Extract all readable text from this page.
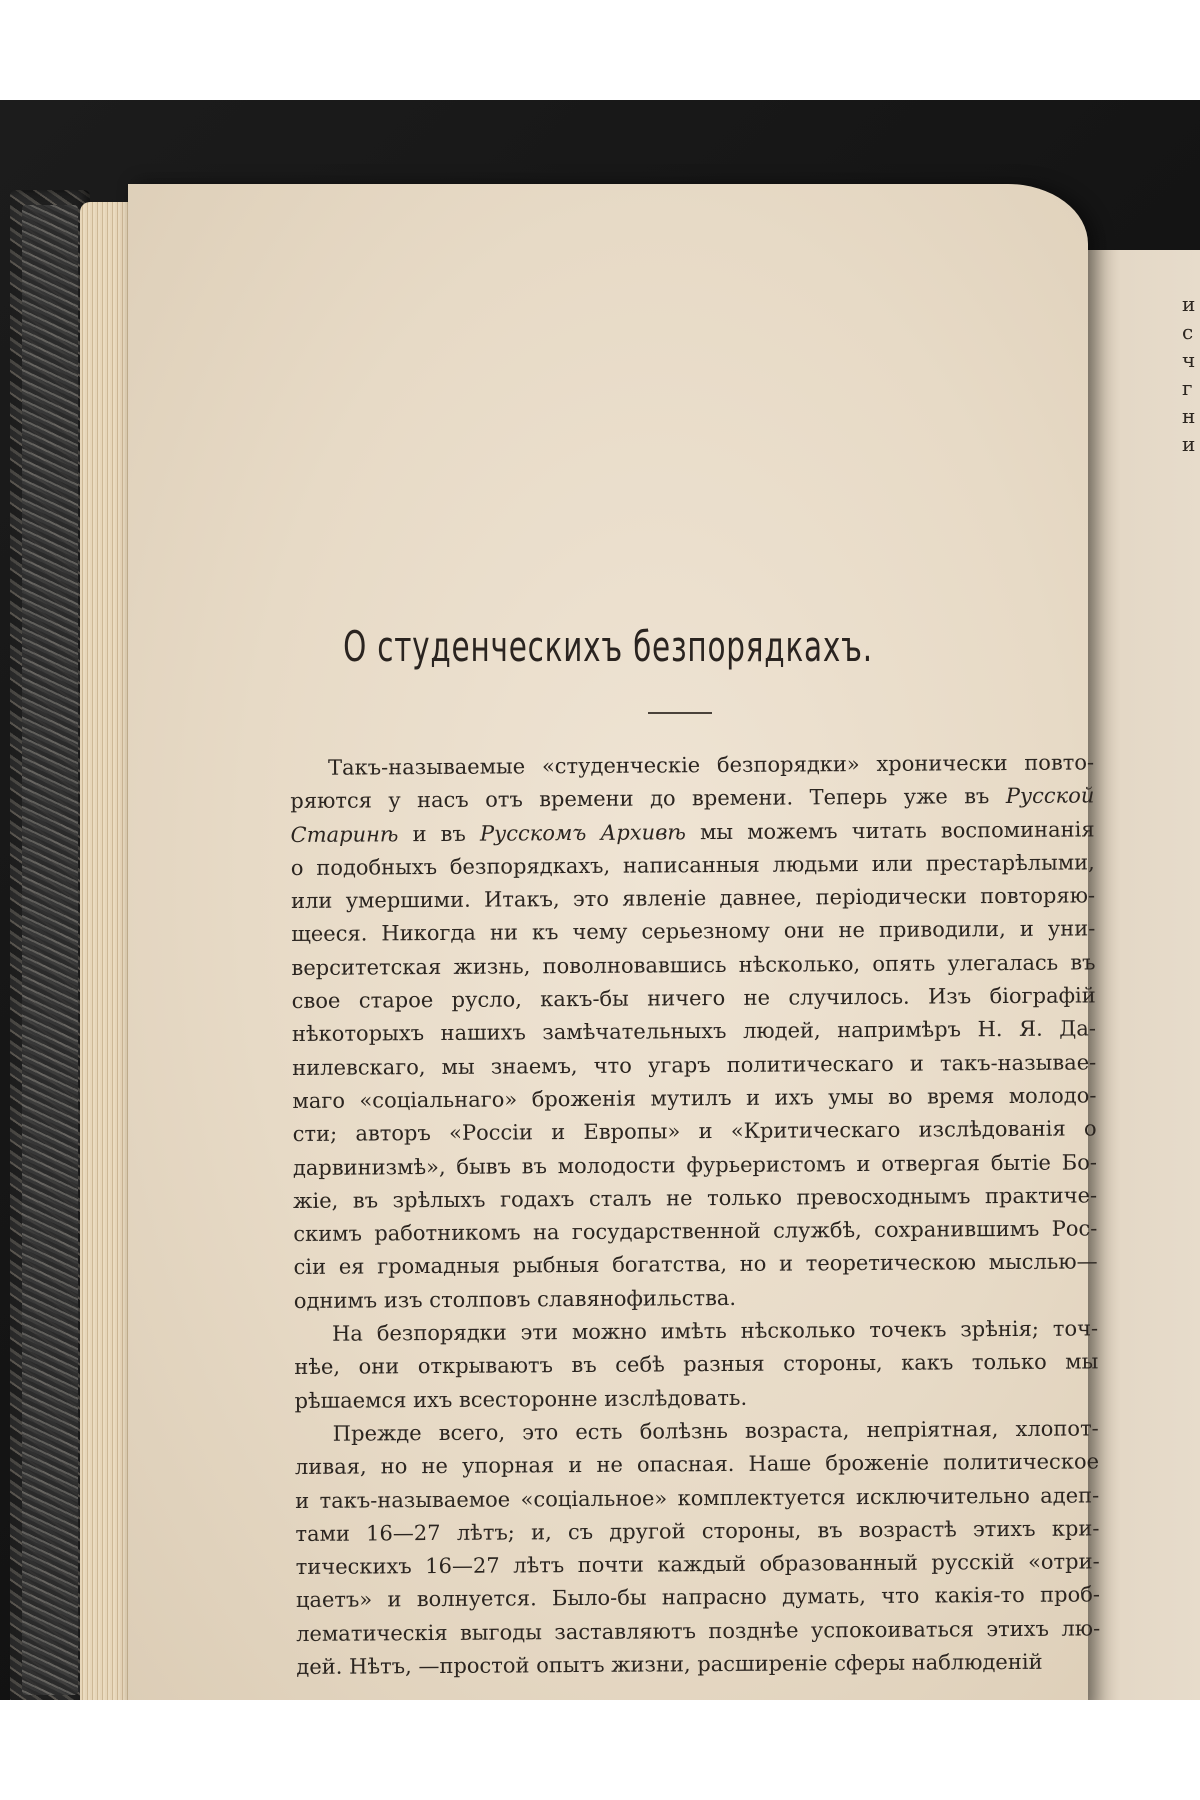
и
с
ч
г
н
и
О студенческихъ безпорядкахъ.
Такъ-называемые «студенческіе безпорядки» хронически повто-
ряются у насъ отъ времени до времени. Теперь уже въ Русской
Старинѣ и въ Русскомъ Архивѣ мы можемъ читать воспоминанія
о подобныхъ безпорядкахъ, написанныя людьми или престарѣлыми,
или умершими. Итакъ, это явленіе давнее, періодически повторяю-
щееся. Никогда ни къ чему серьезному они не приводили, и уни-
верситетская жизнь, поволновавшись нѣсколько, опять улегалась въ
свое старое русло, какъ-бы ничего не случилось. Изъ біографій
нѣкоторыхъ нашихъ замѣчательныхъ людей, напримѣръ Н. Я. Да-
нилевскаго, мы знаемъ, что угаръ политическаго и такъ-называе-
маго «соціальнаго» броженія мутилъ и ихъ умы во время молодо-
сти; авторъ «Россіи и Европы» и «Критическаго изслѣдованія о
дарвинизмѣ», бывъ въ молодости фурьеристомъ и отвергая бытіе Бо-
жіе, въ зрѣлыхъ годахъ сталъ не только превосходнымъ практиче-
скимъ работникомъ на государственной службѣ, сохранившимъ Рос-
сіи ея громадныя рыбныя богатства, но и теоретическою мыслью—
однимъ изъ столповъ славянофильства.
На безпорядки эти можно имѣть нѣсколько точекъ зрѣнія; точ-
нѣе, они открываютъ въ себѣ разныя стороны, какъ только мы
рѣшаемся ихъ всесторонне изслѣдовать.
Прежде всего, это есть болѣзнь возраста, непріятная, хлопот-
ливая, но не упорная и не опасная. Наше броженіе политическое
и такъ-называемое «соціальное» комплектуется исключительно адеп-
тами 16—27 лѣтъ; и, съ другой стороны, въ возрастѣ этихъ кри-
тическихъ 16—27 лѣтъ почти каждый образованный русскій «отри-
цаетъ» и волнуется. Было-бы напрасно думать, что какія-то проб-
лематическія выгоды заставляютъ позднѣе успокоиваться этихъ лю-
дей. Нѣтъ, —простой опытъ жизни, расширеніе сферы наблюденій
